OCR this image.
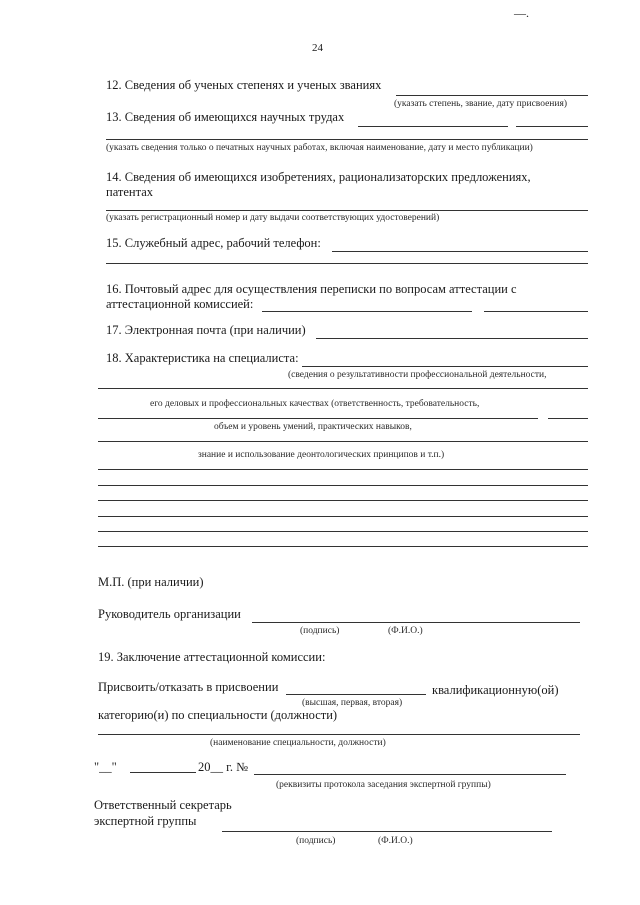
—.
24
12. Сведения об ученых степенях и ученых званиях
(указать степень, звание, дату присвоения)
13. Сведения об имеющихся научных трудах
(указать сведения только о печатных научных работах, включая наименование, дату и место публикации)
14. Сведения об имеющихся изобретениях, рационализаторских предложениях,
патентах
(указать регистрационный номер и дату выдачи соответствующих удостоверений)
15. Служебный адрес, рабочий телефон:
16. Почтовый адрес для осуществления переписки по вопросам аттестации с
аттестационной комиссией:
17. Электронная почта (при наличии)
18. Характеристика на специалиста:
(сведения о результативности профессиональной деятельности,
его деловых и профессиональных качествах (ответственность, требовательность,
объем и уровень умений, практических навыков,
знание и использование деонтологических принципов и т.п.)
М.П. (при наличии)
Руководитель организации
(подпись)	(Ф.И.О.)
19. Заключение аттестационной комиссии:
Присвоить/отказать в присвоении	квалификационную(ой)
(высшая, первая, вторая)
категорию(и) по специальности (должности)
(наименование специальности, должности)
"__"	20__ г. №
(реквизиты протокола заседания экспертной группы)
Ответственный секретарь
экспертной группы
(подпись)	(Ф.И.О.)
